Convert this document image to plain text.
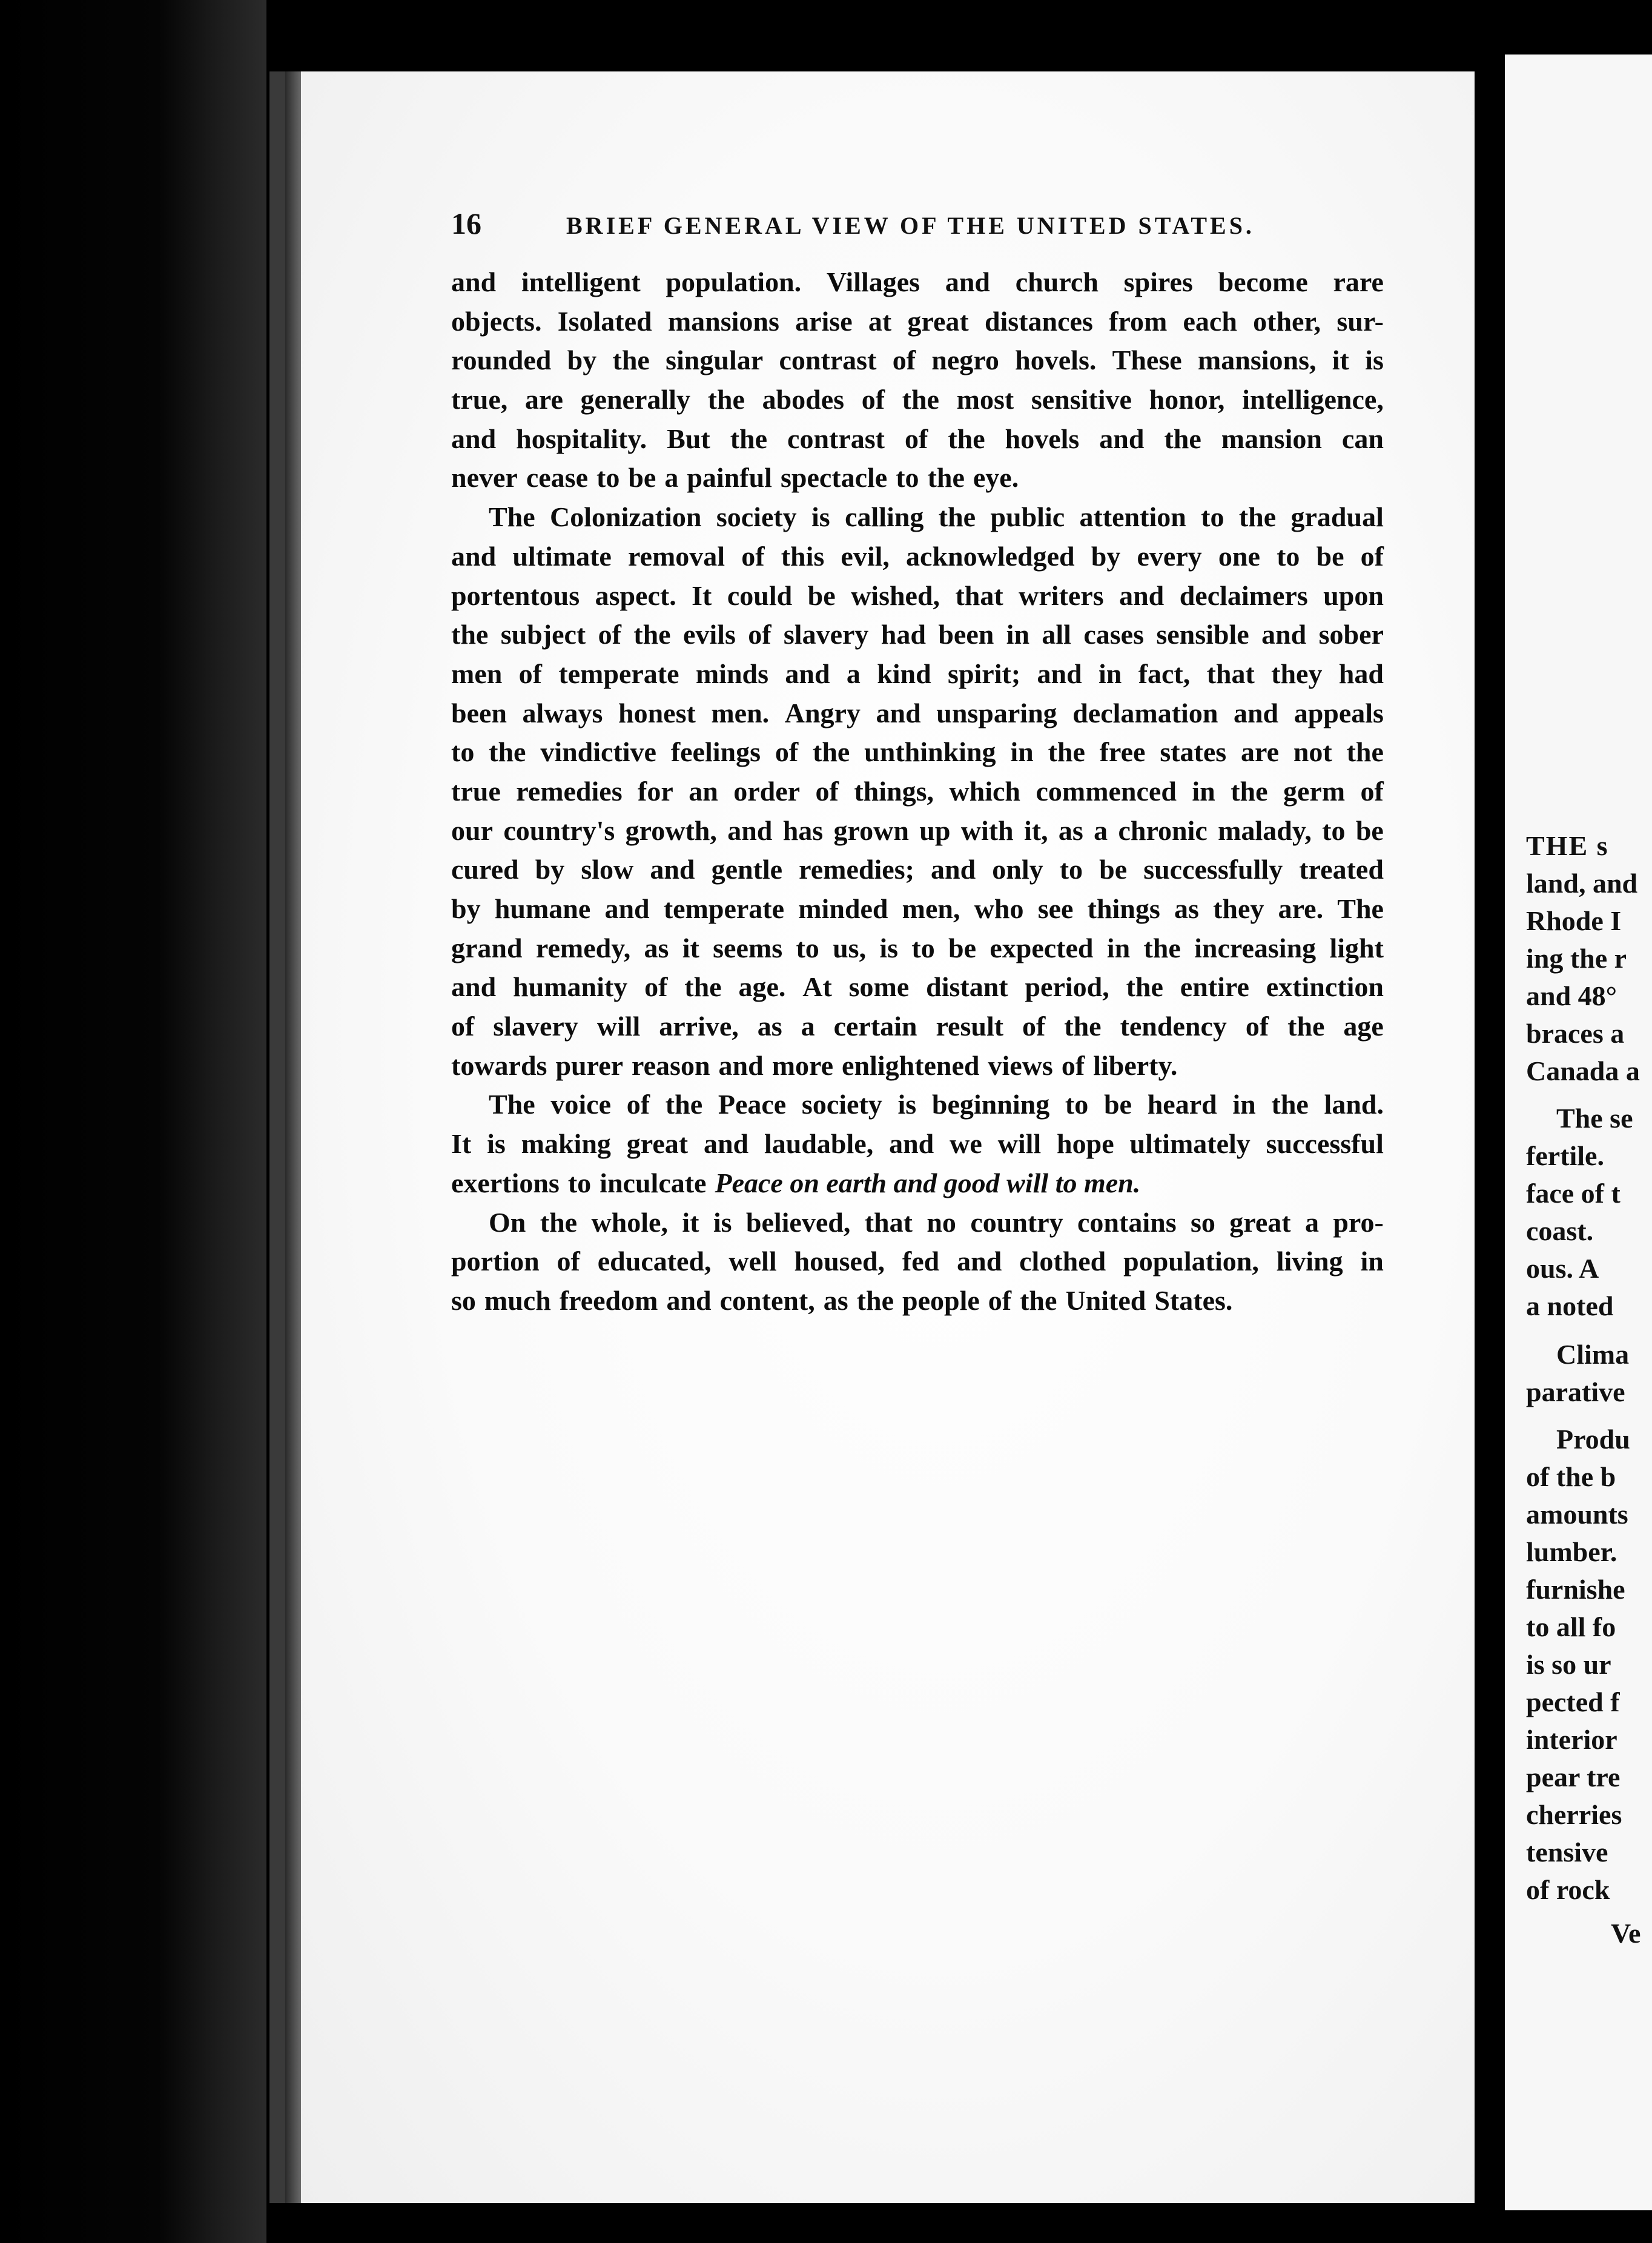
16	BRIEF GENERAL VIEW OF THE UNITED STATES.
and intelligent population. Villages and church spires become rare
objects. Isolated mansions arise at great distances from each other, sur-
rounded by the singular contrast of negro hovels. These mansions, it is
true, are generally the abodes of the most sensitive honor, intelligence,
and hospitality. But the contrast of the hovels and the mansion can
never cease to be a painful spectacle to the eye.
The Colonization society is calling the public attention to the gradual
and ultimate removal of this evil, acknowledged by every one to be of
portentous aspect. It could be wished, that writers and declaimers upon
the subject of the evils of slavery had been in all cases sensible and sober
men of temperate minds and a kind spirit; and in fact, that they had
been always honest men. Angry and unsparing declamation and appeals
to the vindictive feelings of the unthinking in the free states are not the
true remedies for an order of things, which commenced in the germ of
our country's growth, and has grown up with it, as a chronic malady, to be
cured by slow and gentle remedies; and only to be successfully treated
by humane and temperate minded men, who see things as they are. The
grand remedy, as it seems to us, is to be expected in the increasing light
and humanity of the age. At some distant period, the entire extinction
of slavery will arrive, as a certain result of the tendency of the age
towards purer reason and more enlightened views of liberty.
The voice of the Peace society is beginning to be heard in the land.
It is making great and laudable, and we will hope ultimately successful
exertions to inculcate Peace on earth and good will to men.
On the whole, it is believed, that no country contains so great a pro-
portion of educated, well housed, fed and clothed population, living in
so much freedom and content, as the people of the United States.
THE s
land, and
Rhode I
ing the r
and 48°
braces a
Canada a
The se
fertile.
face of t
coast.
ous. A
a noted
Clima
parative
Produ
of the b
amounts
lumber.
furnishe
to all fo
is so ur
pected f
interior
pear tre
cherries
tensive
of rock
Ve
